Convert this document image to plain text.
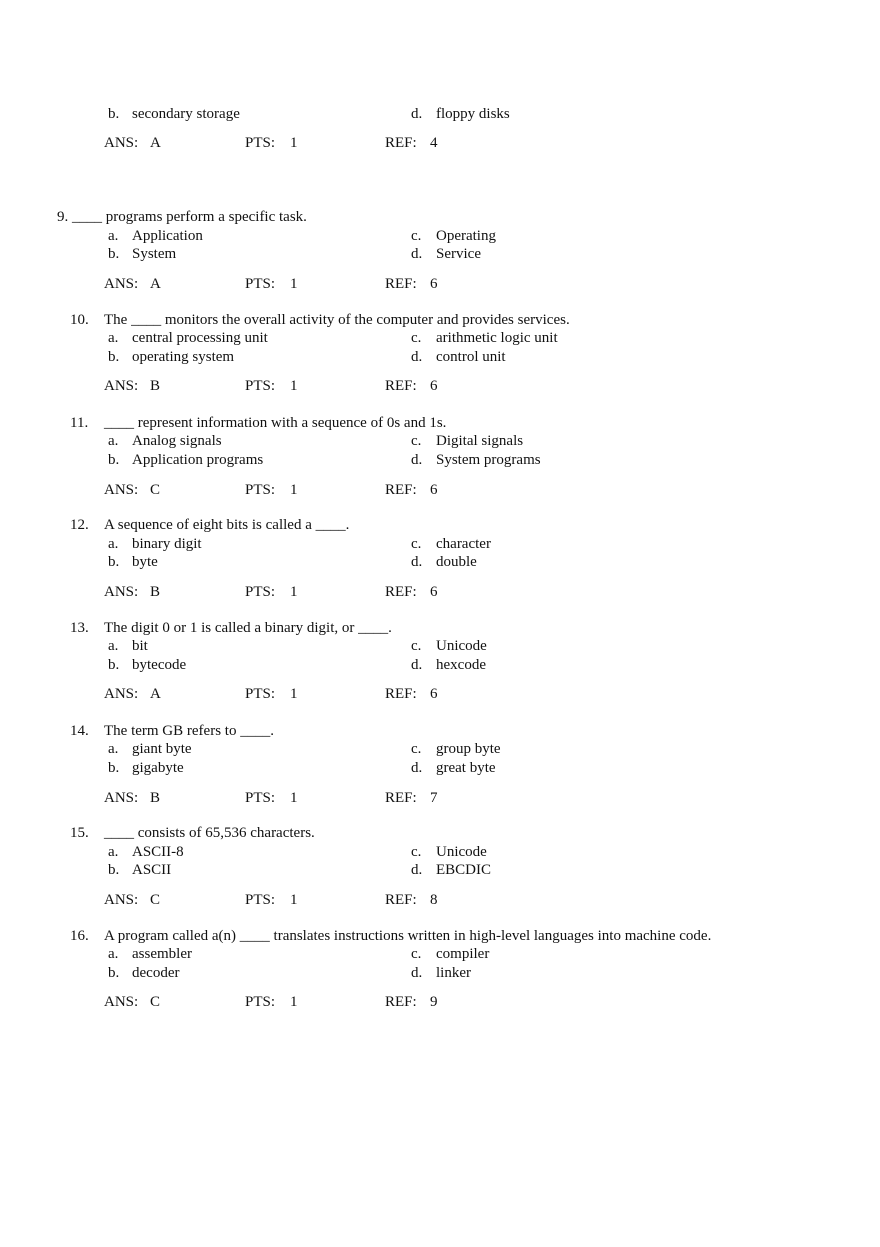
b. secondary storage	d. floppy disks
ANS: A	PTS: 1	REF: 4
9. ____ programs perform a specific task.
a. Application	c. Operating
b. System	d. Service
ANS: A	PTS: 1	REF: 6
10. The ____ monitors the overall activity of the computer and provides services.
a. central processing unit	c. arithmetic logic unit
b. operating system	d. control unit
ANS: B	PTS: 1	REF: 6
11. ____ represent information with a sequence of 0s and 1s.
a. Analog signals	c. Digital signals
b. Application programs	d. System programs
ANS: C	PTS: 1	REF: 6
12. A sequence of eight bits is called a ____.
a. binary digit	c. character
b. byte	d. double
ANS: B	PTS: 1	REF: 6
13. The digit 0 or 1 is called a binary digit, or ____.
a. bit	c. Unicode
b. bytecode	d. hexcode
ANS: A	PTS: 1	REF: 6
14. The term GB refers to ____.
a. giant byte	c. group byte
b. gigabyte	d. great byte
ANS: B	PTS: 1	REF: 7
15. ____ consists of 65,536 characters.
a. ASCII-8	c. Unicode
b. ASCII	d. EBCDIC
ANS: C	PTS: 1	REF: 8
16. A program called a(n) ____ translates instructions written in high-level languages into machine code.
a. assembler	c. compiler
b. decoder	d. linker
ANS: C	PTS: 1	REF: 9
